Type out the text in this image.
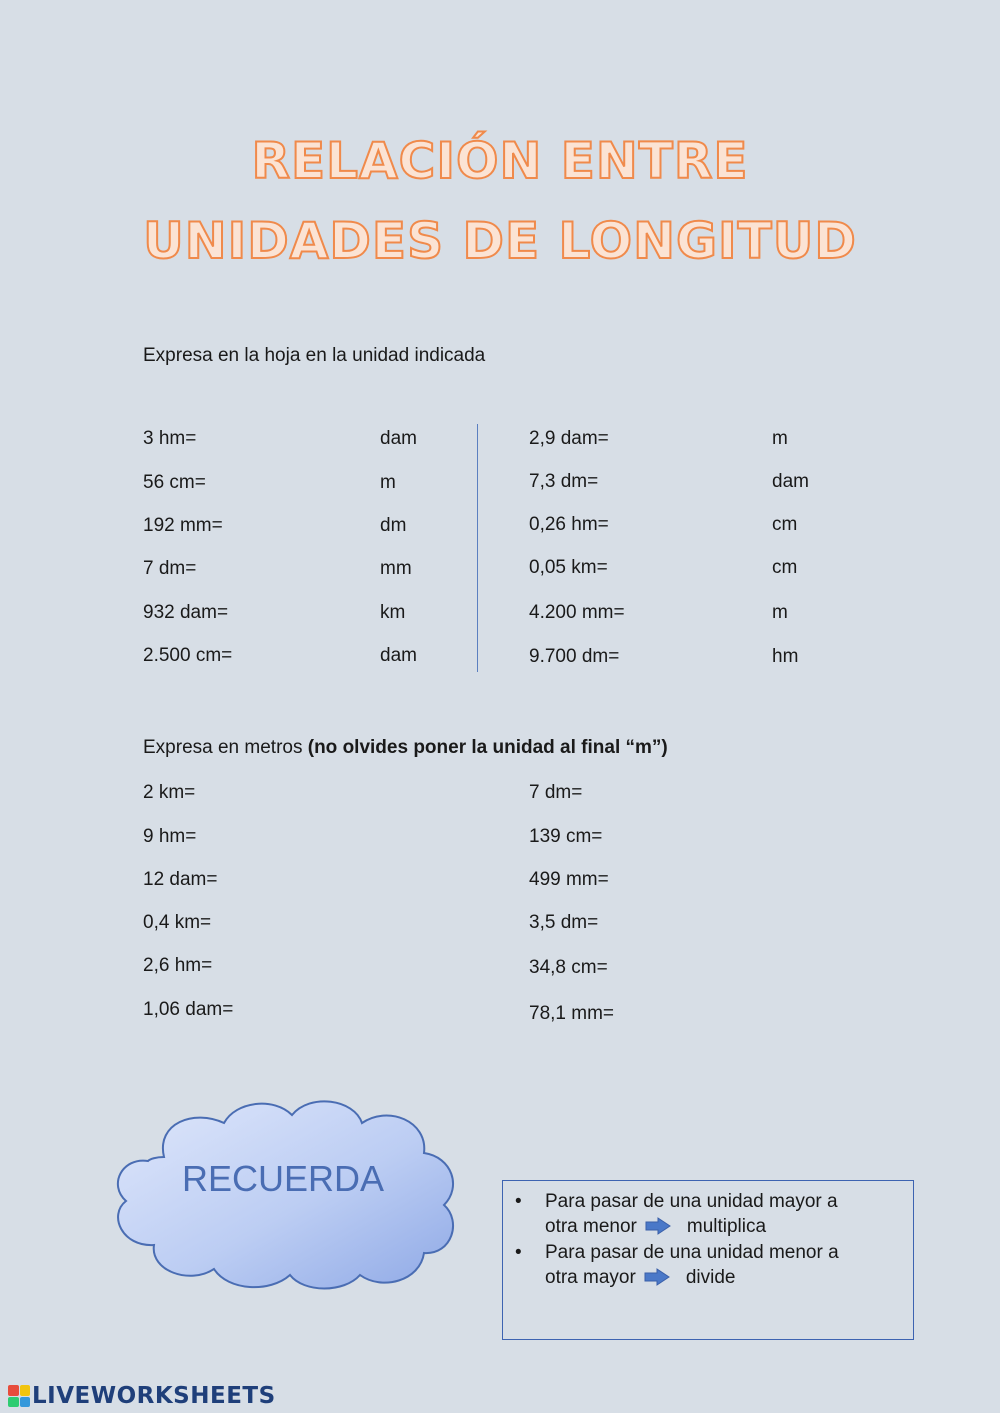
RELACIÓN ENTRE
UNIDADES DE LONGITUD
Expresa en la hoja en la unidad indicada
3 hm=	dam
56 cm=	m
192 mm=	dm
7 dm=	mm
932 dam=	km
2.500 cm=	dam
2,9 dam=	m
7,3 dm=	dam
0,26 hm=	cm
0,05 km=	cm
4.200 mm=	m
9.700 dm=	hm
Expresa en metros (no olvides poner la unidad al final “m”)
2 km=
9 hm=
12 dam=
0,4 km=
2,6 hm=
1,06 dam=
7 dm=
139 cm=
499 mm=
3,5 dm=
34,8 cm=
78,1 mm=
RECUERDA
• Para pasar de una unidad mayor a
otra menor	multiplica
• Para pasar de una unidad menor a
otra mayor	divide
LIVEWORKSHEETS
